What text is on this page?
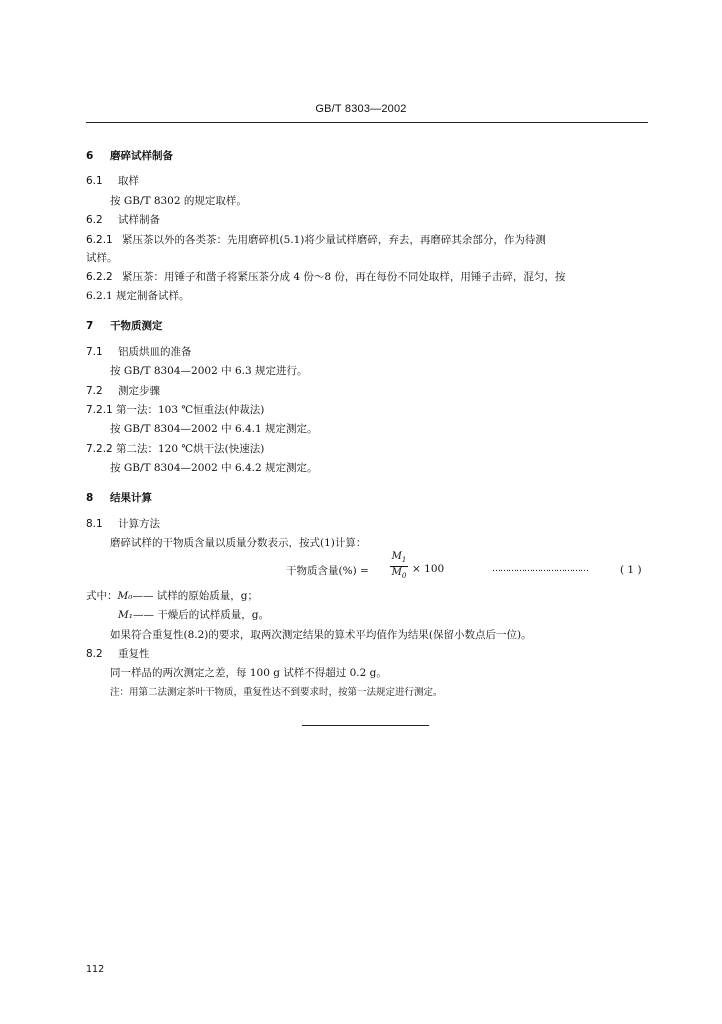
GB/T 8303—2002
6 磨碎试样制备
6.1 取样
按 GB/T 8302 的规定取样。
6.2 试样制备
6.2.1 紧压茶以外的各类茶：先用磨碎机(5.1)将少量试样磨碎，弃去，再磨碎其余部分，作为待测
试样。
6.2.2 紧压茶：用锤子和凿子将紧压茶分成 4 份～8 份，再在每份不同处取样，用锤子击碎，混匀，按
6.2.1 规定制备试样。
7 干物质测定
7.1 铝质烘皿的准备
按 GB/T 8304—2002 中 6.3 规定进行。
7.2 测定步骤
7.2.1 第一法：103 ℃恒重法(仲裁法)
按 GB/T 8304—2002 中 6.4.1 规定测定。
7.2.2 第二法：120 ℃烘干法(快速法)
按 GB/T 8304—2002 中 6.4.2 规定测定。
8 结果计算
8.1 计算方法
磨碎试样的干物质含量以质量分数表示，按式(1)计算：
干物质含量(%) =
$M_1$
$M_0$
× 100	………………………………	( 1 )
式中：M₀—— 试样的原始质量，g；
M₁—— 干燥后的试样质量，g。
如果符合重复性(8.2)的要求，取两次测定结果的算术平均值作为结果(保留小数点后一位)。
8.2 重复性
同一样品的两次测定之差，每 100 g 试样不得超过 0.2 g。
注：用第二法测定茶叶干物质，重复性达不到要求时，按第一法规定进行测定。
112
